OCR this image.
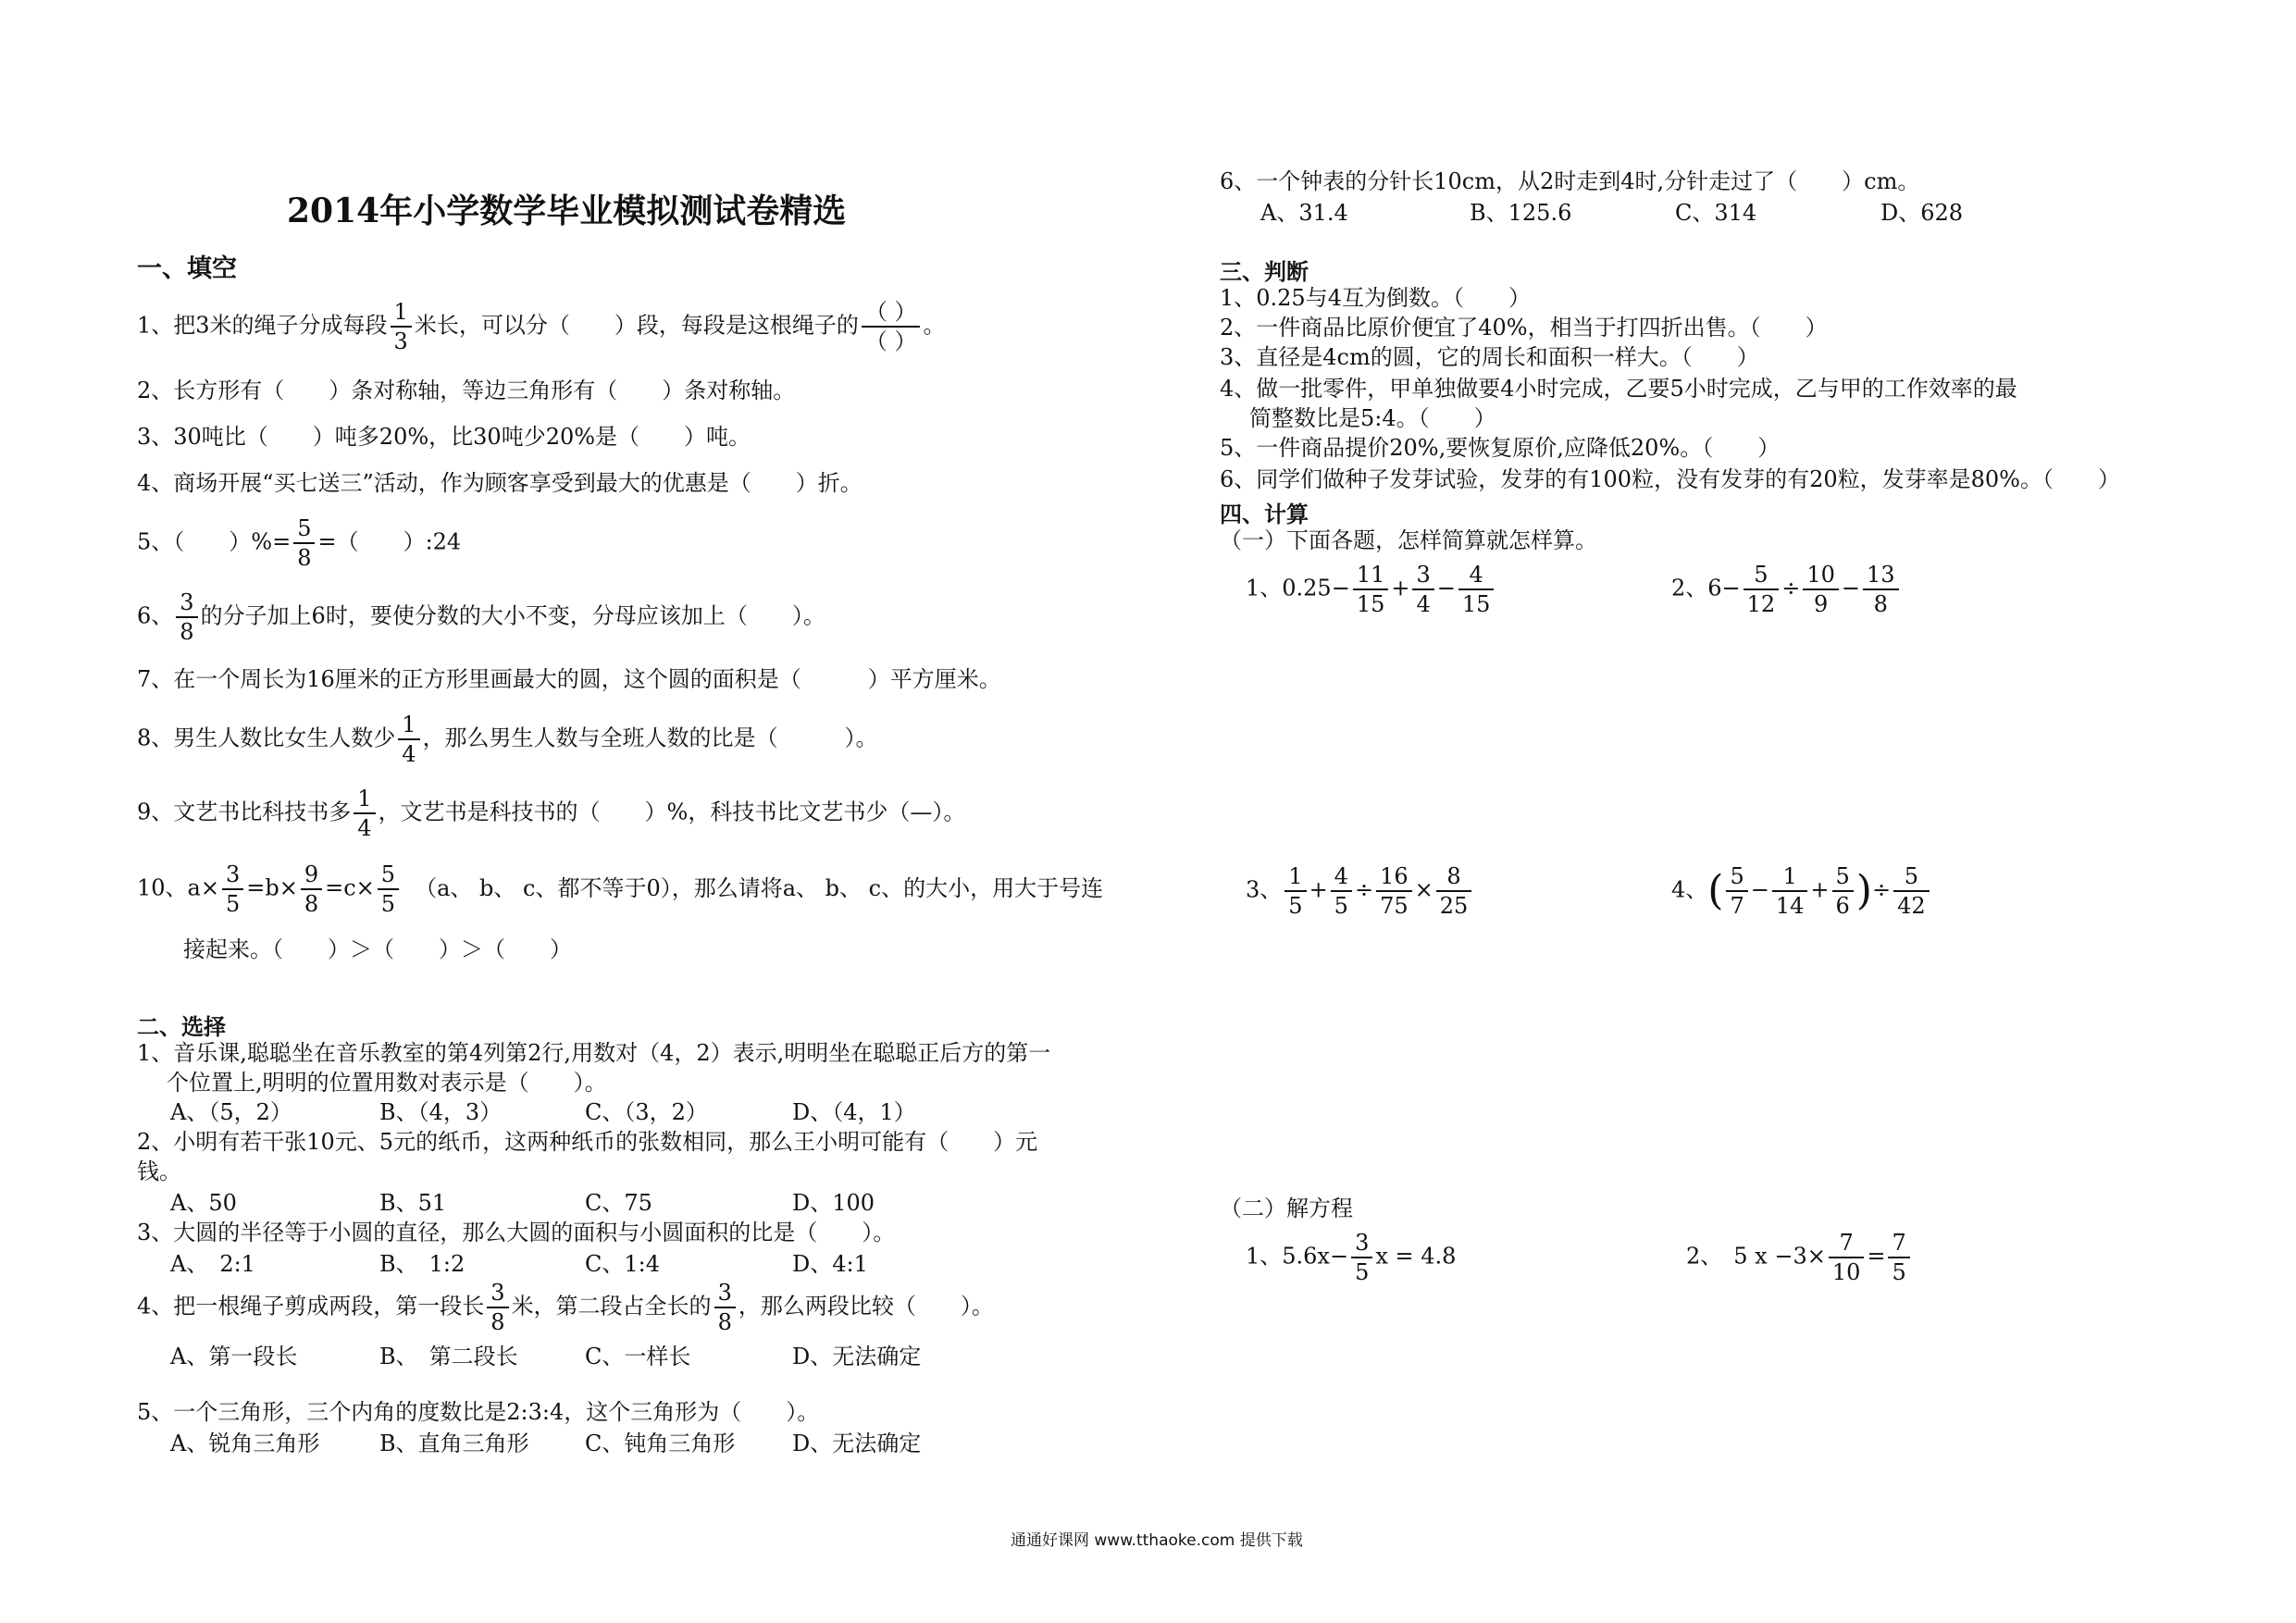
2014年小学数学毕业模拟测试卷精选
一、填空
1、把3米的绳子分成每段 $\frac{1}{3}$ 米长，可以分（　　）段，每段是这根绳子的 $\frac{( )}{( )}$ 。
2、长方形有（　　）条对称轴，等边三角形有（　　）条对称轴。
3、30吨比（　　）吨多20%，比30吨少20%是（　　）吨。
4、商场开展“买七送三”活动，作为顾客享受到最大的优惠是（　　）折。
5、（　　）%= $\frac{5}{8}$ =（　　）:24
6、 $\frac{3}{8}$ 的分子加上6时，要使分数的大小不变，分母应该加上（　　）。
7、在一个周长为16厘米的正方形里画最大的圆，这个圆的面积是（　　　）平方厘米。
8、男生人数比女生人数少 $\frac{1}{4}$ ，那么男生人数与全班人数的比是（　　　）。
9、文艺书比科技书多 $\frac{1}{4}$ ，文艺书是科技书的（　　）%，科技书比文艺书少（—）。
10、$a\times \frac{3}{5} =b\times \frac{9}{8} =c\times \frac{5}{5} (a$、 b、 c、都不等于0），那么请将a、 b、 c、的大小，用大于号连
接起来。（　　）＞（　　）＞（　　）
二、选择
1、音乐课,聪聪坐在音乐教室的第4列第2行,用数对（4，2）表示,明明坐在聪聪正后方的第一
个位置上,明明的位置用数对表示是（　　）。
A、（5，2）	B、（4，3）	C、（3，2）	D、（4，1）
2、小明有若干张10元、5元的纸币，这两种纸币的张数相同，那么王小明可能有（　　）元
钱。
A、50	B、51	C、75	D、100
3、大圆的半径等于小圆的直径，那么大圆的面积与小圆面积的比是（　　）。
A、　2:1	B、　1:2	C、1:4	D、4:1
4、把一根绳子剪成两段，第一段长 $\frac{3}{8}$ 米，第二段占全长的 $\frac{3}{8}$ ，那么两段比较（　　）。
A、第一段长	B、　第二段长	C、一样长	D、无法确定
5、一个三角形，三个内角的度数比是2:3:4，这个三角形为（　　）。
A、锐角三角形	B、直角三角形	C、钝角三角形	D、无法确定
6、一个钟表的分针长10cm，从2时走到4时,分针走过了（　　）cm。
A、31.4	B、125.6	C、314	D、628
三、判断
1、0.25与4互为倒数。（　　）
2、一件商品比原价便宜了40%，相当于打四折出售。（　　）
3、直径是4cm的圆，它的周长和面积一样大。（　　）
4、做一批零件，甲单独做要4小时完成，乙要5小时完成，乙与甲的工作效率的最
简整数比是5:4。（　　）
5、一件商品提价20%,要恢复原价,应降低20%。（　　）
6、同学们做种子发芽试验，发芽的有100粒，没有发芽的有20粒，发芽率是80%。（　　）
四、计算
（一）下面各题，怎样简算就怎样算。
1、$0.25- \frac{11}{15} + \frac{3}{4} - \frac{4}{15}$	2、$6- \frac{5}{12} \div \frac{10}{9} - \frac{13}{8}$
3、 $\frac{1}{5} + \frac{4}{5} \div \frac{16}{75} \times \frac{8}{25}$	4、( $\frac{5}{7} - \frac{1}{14} + \frac{5}{6}$ )÷ $\frac{5}{42}$
（二）解方程
1、$5.6x- \frac{3}{5}$ x = 4.8	2、　5 $x -3\times \frac{7}{10} = \frac{7}{5}$
通通好课网 www.tthaoke.com 提供下载
